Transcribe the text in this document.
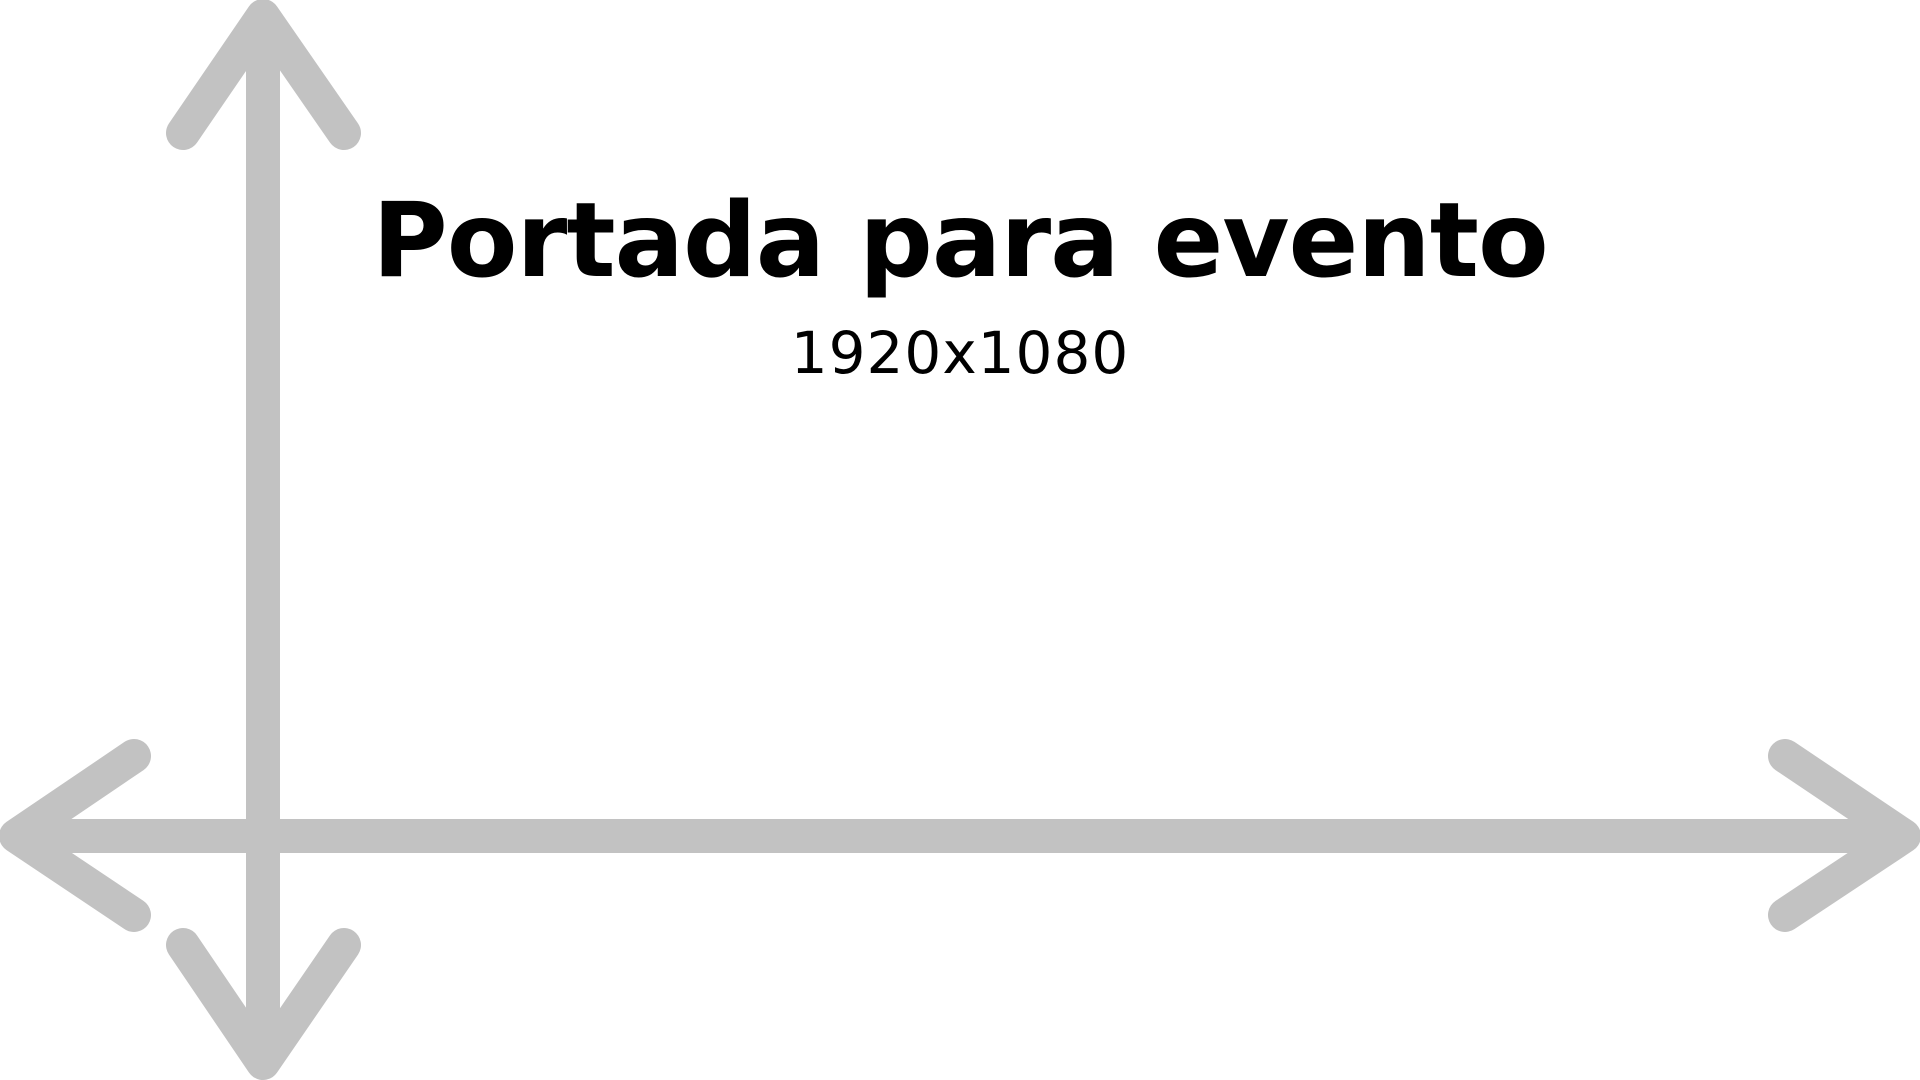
Portada para evento
1920x1080
